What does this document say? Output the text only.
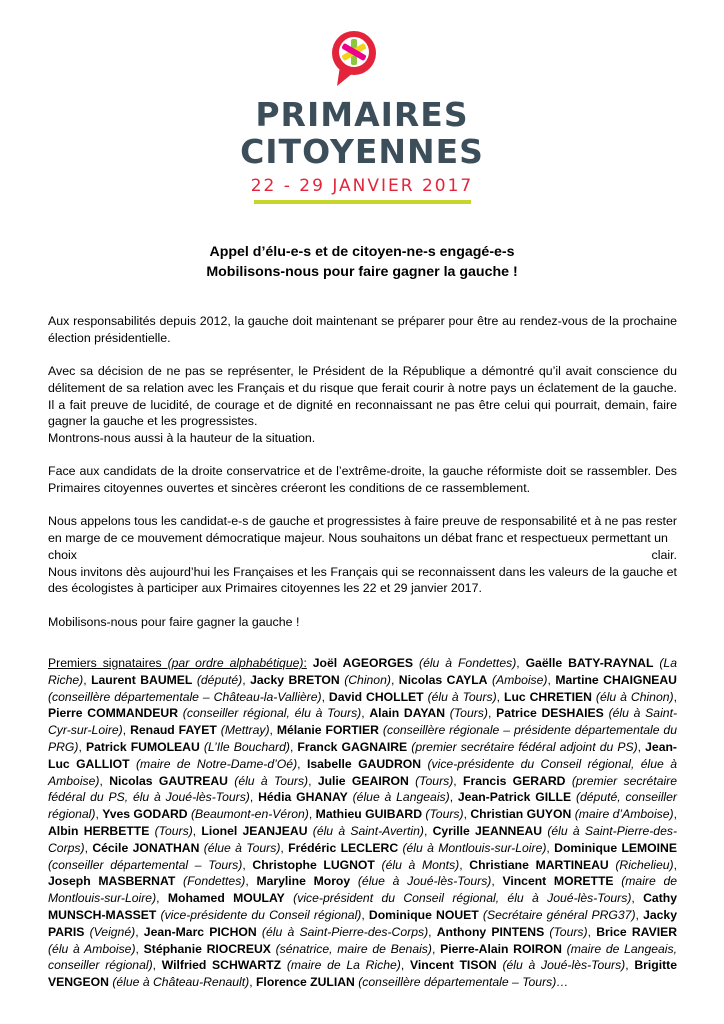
PRIMAIRES
CITOYENNES
22 - 29 JANVIER 2017
Appel d’élu-e-s et de citoyen-ne-s engagé-e-s
Mobilisons-nous pour faire gagner la gauche !

Aux responsabilités depuis 2012, la gauche doit maintenant se préparer pour être au rendez-vous de la prochaine élection présidentielle.

Avec sa décision de ne pas se représenter, le Président de la République a démontré qu’il avait conscience du délitement de sa relation avec les Français et du risque que ferait courir à notre pays un éclatement de la gauche. Il a fait preuve de lucidité, de courage et de dignité en reconnaissant ne pas être celui qui pourrait, demain, faire gagner la gauche et les progressistes.

Montrons-nous aussi à la hauteur de la situation.

Face aux candidats de la droite conservatrice et de l’extrême-droite, la gauche réformiste doit se rassembler. Des Primaires citoyennes ouvertes et sincères créeront les conditions de ce rassemblement.

Nous appelons tous les candidat-e-s de gauche et progressistes à faire preuve de responsabilité et à ne pas rester en marge de ce mouvement démocratique majeur. Nous souhaitons un débat franc et respectueux permettant un

choix	clair.

Nous invitons dès aujourd’hui les Françaises et les Français qui se reconnaissent dans les valeurs de la gauche et des écologistes à participer aux Primaires citoyennes les 22 et 29 janvier 2017.

Mobilisons-nous pour faire gagner la gauche !

Premiers signataires (par ordre alphabétique): Joël AGEORGES (élu à Fondettes), Gaëlle BATY-RAYNAL (La Riche), Laurent BAUMEL (député), Jacky BRETON (Chinon), Nicolas CAYLA (Amboise), Martine CHAIGNEAU (conseillère départementale – Château-la-Vallière), David CHOLLET (élu à Tours), Luc CHRETIEN (élu à Chinon), Pierre COMMANDEUR (conseiller régional, élu à Tours), Alain DAYAN (Tours), Patrice DESHAIES (élu à Saint-Cyr-sur-Loire), Renaud FAYET (Mettray), Mélanie FORTIER (conseillère régionale – présidente départementale du PRG), Patrick FUMOLEAU (L’Ile Bouchard), Franck GAGNAIRE (premier secrétaire fédéral adjoint du PS), Jean-Luc GALLIOT (maire de Notre-Dame-d’Oé), Isabelle GAUDRON (vice-présidente du Conseil régional, élue à Amboise), Nicolas GAUTREAU (élu à Tours), Julie GEAIRON (Tours), Francis GERARD (premier secrétaire fédéral du PS, élu à Joué-lès-Tours), Hédia GHANAY (élue à Langeais), Jean-Patrick GILLE (député, conseiller régional), Yves GODARD (Beaumont-en-Véron), Mathieu GUIBARD (Tours), Christian GUYON (maire d’Amboise), Albin HERBETTE (Tours), Lionel JEANJEAU (élu à Saint-Avertin), Cyrille JEANNEAU (élu à Saint-Pierre-des-Corps), Cécile JONATHAN (élue à Tours), Frédéric LECLERC (élu à Montlouis-sur-Loire), Dominique LEMOINE (conseiller départemental – Tours), Christophe LUGNOT (élu à Monts), Christiane MARTINEAU (Richelieu), Joseph MASBERNAT (Fondettes), Maryline Moroy (élue à Joué-lès-Tours), Vincent MORETTE (maire de Montlouis-sur-Loire), Mohamed MOULAY (vice-président du Conseil régional, élu à Joué-lès-Tours), Cathy MUNSCH-MASSET (vice-présidente du Conseil régional), Dominique NOUET (Secrétaire général PRG37), Jacky PARIS (Veigné), Jean-Marc PICHON (élu à Saint-Pierre-des-Corps), Anthony PINTENS (Tours), Brice RAVIER (élu à Amboise), Stéphanie RIOCREUX (sénatrice, maire de Benais), Pierre-Alain ROIRON (maire de Langeais, conseiller régional), Wilfried SCHWARTZ (maire de La Riche), Vincent TISON (élu à Joué-lès-Tours), Brigitte VENGEON (élue à Château-Renault), Florence ZULIAN (conseillère départementale – Tours)…
